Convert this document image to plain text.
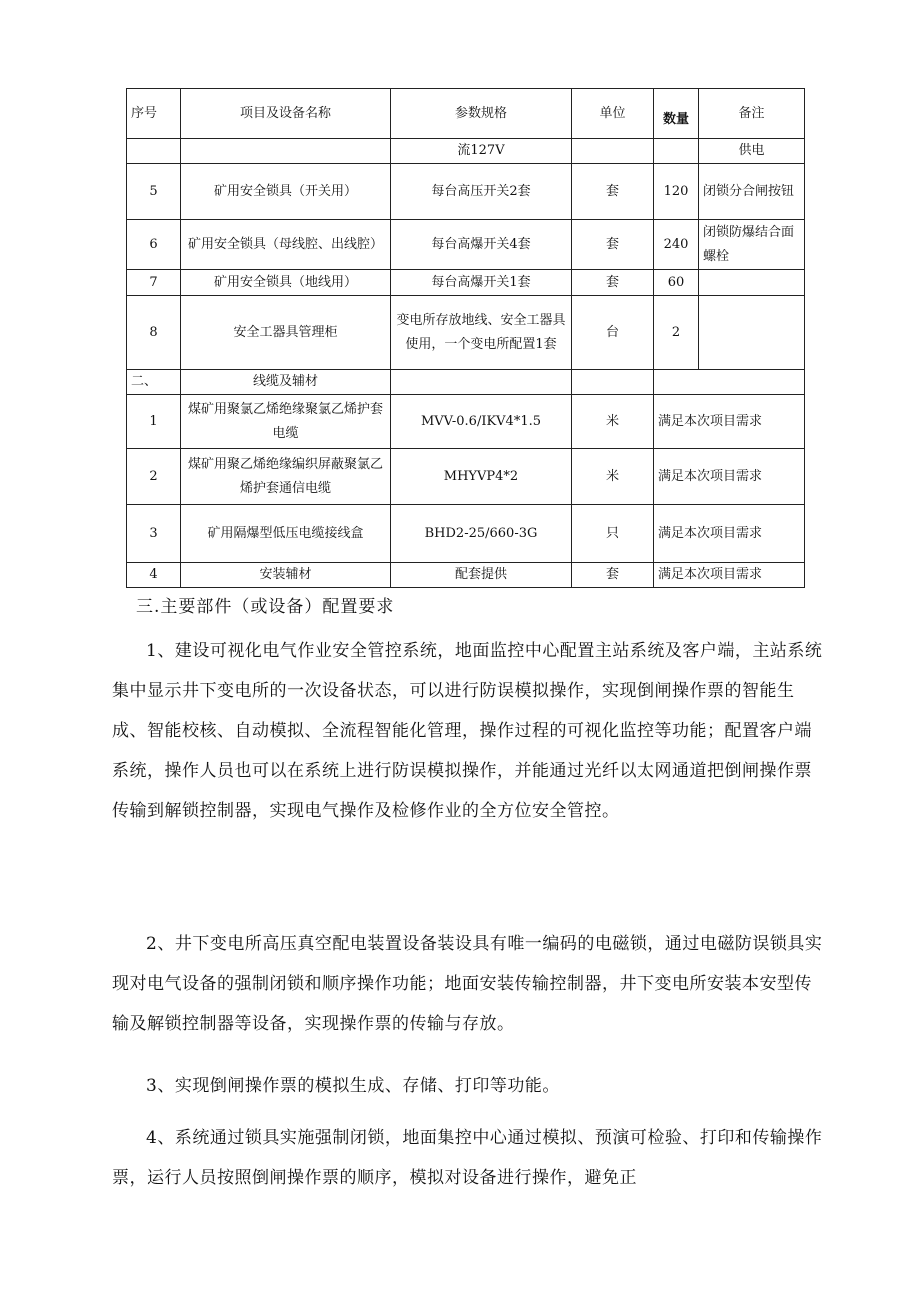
序号	项目及设备名称	参数规格	单位	数量	备注
		流127V			供电
5	矿用安全锁具（开关用）	每台高压开关2套	套	120	闭锁分合闸按钮
6	矿用安全锁具（母线腔、出线腔）	每台高爆开关4套	套	240	闭锁防爆结合面螺栓
7	矿用安全锁具（地线用）	每台高爆开关1套	套	60	
8	安全工器具管理柜	变电所存放地线、安全工器具使用，一个变电所配置1套	台	2	
二、	线缆及辅材				
1	煤矿用聚氯乙烯绝缘聚氯乙烯护套电缆	MVV-0.6/IKV4*1.5	米	满足本次项目需求	
2	煤矿用聚乙烯绝缘编织屏蔽聚氯乙烯护套通信电缆	MHYVP4*2	米	满足本次项目需求	
3	矿用隔爆型低压电缆接线盒	BHD2-25/660-3G	只	满足本次项目需求	
4	安装辅材	配套提供	套	满足本次项目需求	
三.主要部件（或设备）配置要求

1、建设可视化电气作业安全管控系统，地面监控中心配置主站系统及客户端，主站系统集中显示井下变电所的一次设备状态，可以进行防误模拟操作，实现倒闸操作票的智能生成、智能校核、自动模拟、全流程智能化管理，操作过程的可视化监控等功能；配置客户端系统，操作人员也可以在系统上进行防误模拟操作，并能通过光纤以太网通道把倒闸操作票传输到解锁控制器，实现电气操作及检修作业的全方位安全管控。

2、井下变电所高压真空配电装置设备装设具有唯一编码的电磁锁，通过电磁防误锁具实现对电气设备的强制闭锁和顺序操作功能；地面安装传输控制器，井下变电所安装本安型传输及解锁控制器等设备，实现操作票的传输与存放。

3、实现倒闸操作票的模拟生成、存储、打印等功能。

4、系统通过锁具实施强制闭锁，地面集控中心通过模拟、预演可检验、打印和传输操作票，运行人员按照倒闸操作票的顺序，模拟对设备进行操作，避免正
